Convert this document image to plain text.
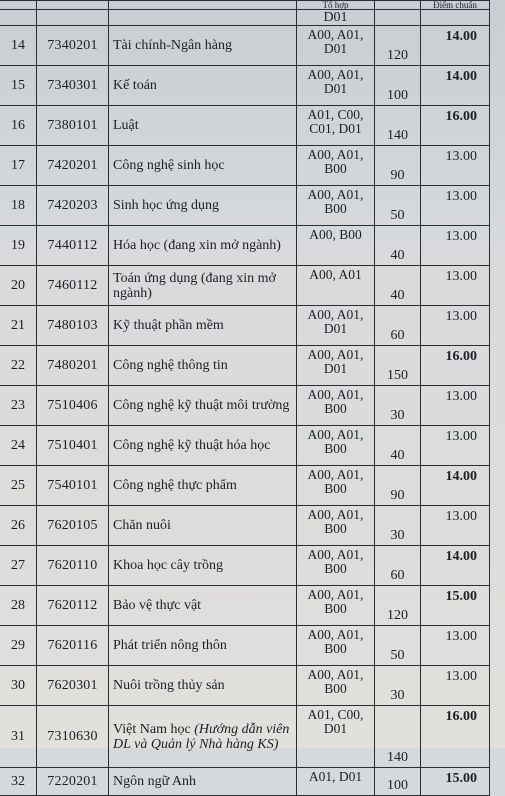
			Tổ hợp		Điểm chuẩn
			D01		
14	7340201	Tài chính-Ngân hàng	A00, A01, D01	120	14.00
15	7340301	Kế toán	A00, A01, D01	100	14.00
16	7380101	Luật	A01, C00, C01, D01	140	16.00
17	7420201	Công nghệ sinh học	A00, A01, B00	90	13.00
18	7420203	Sinh học ứng dụng	A00, A01, B00	50	13.00
19	7440112	Hóa học (đang xin mở ngành)	A00, B00	40	13.00
20	7460112	Toán ứng dụng (đang xin mở ngành)	A00, A01	40	13.00
21	7480103	Kỹ thuật phần mềm	A00, A01, D01	60	13.00
22	7480201	Công nghệ thông tin	A00, A01, D01	150	16.00
23	7510406	Công nghệ kỹ thuật môi trường	A00, A01, B00	30	13.00
24	7510401	Công nghệ kỹ thuật hóa học	A00, A01, B00	40	13.00
25	7540101	Công nghệ thực phẩm	A00, A01, B00	90	14.00
26	7620105	Chăn nuôi	A00, A01, B00	30	13.00
27	7620110	Khoa học cây trồng	A00, A01, B00	60	14.00
28	7620112	Bảo vệ thực vật	A00, A01, B00	120	15.00
29	7620116	Phát triển nông thôn	A00, A01, B00	50	13.00
30	7620301	Nuôi trồng thủy sản	A00, A01, B00	30	13.00
31	7310630	Việt Nam học (Hướng dẫn viên DL và Quản lý Nhà hàng KS)	A01, C00, D01	140	16.00
32	7220201	Ngôn ngữ Anh	A01, D01	100	15.00
